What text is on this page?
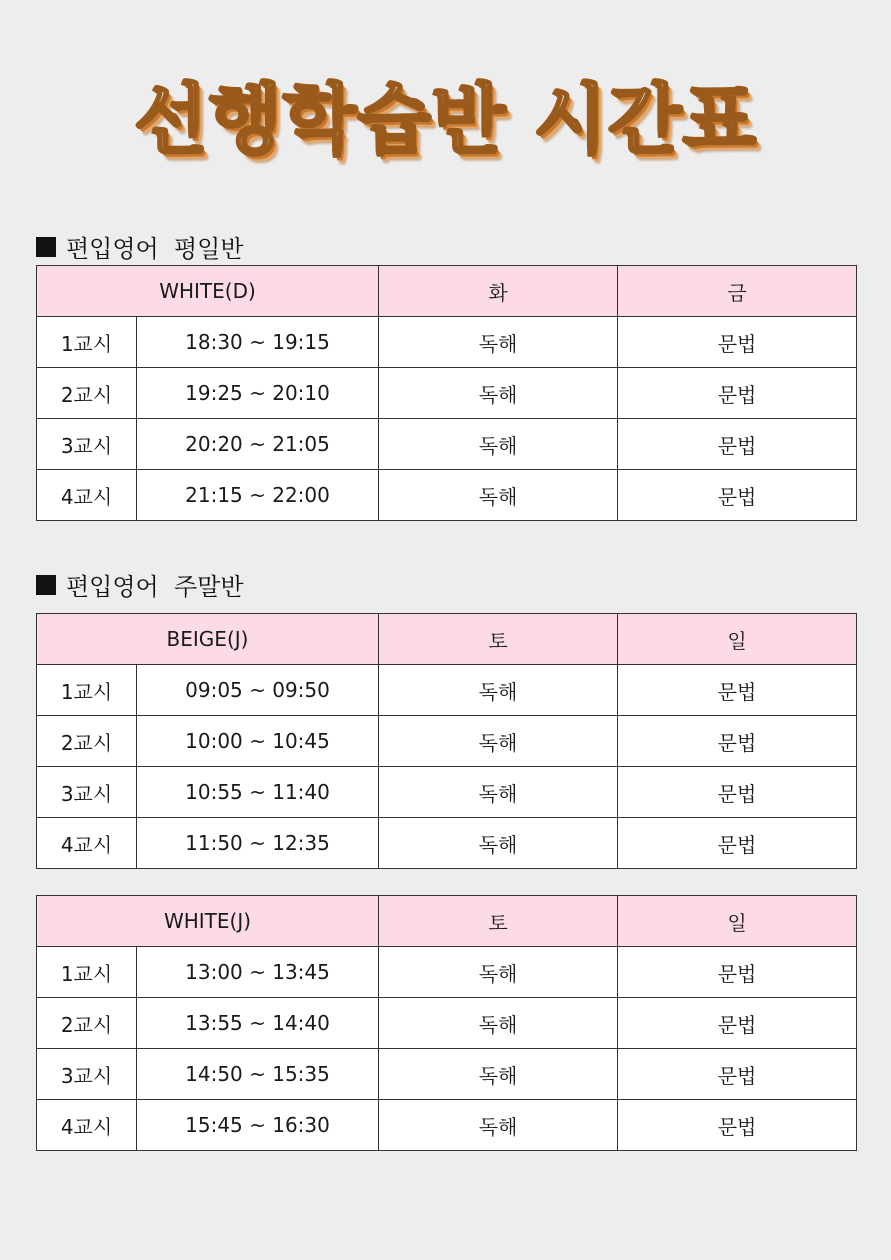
선행학습반 시간표
편입영어  평일반
WHITE(D)		화	금
1교시	18:30 ~ 19:15	독해	문법
2교시	19:25 ~ 20:10	독해	문법
3교시	20:20 ~ 21:05	독해	문법
4교시	21:15 ~ 22:00	독해	문법
편입영어  주말반
BEIGE(J)		토	일
1교시	09:05 ~ 09:50	독해	문법
2교시	10:00 ~ 10:45	독해	문법
3교시	10:55 ~ 11:40	독해	문법
4교시	11:50 ~ 12:35	독해	문법
WHITE(J)		토	일
1교시	13:00 ~ 13:45	독해	문법
2교시	13:55 ~ 14:40	독해	문법
3교시	14:50 ~ 15:35	독해	문법
4교시	15:45 ~ 16:30	독해	문법
